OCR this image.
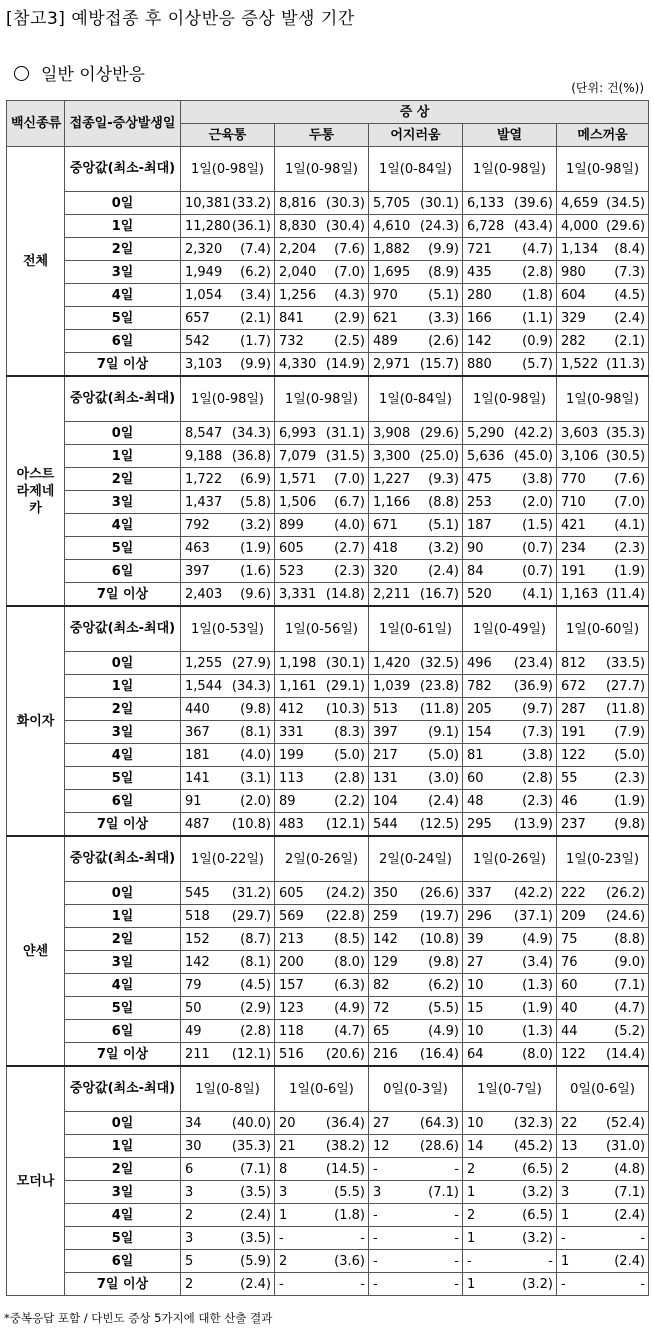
[참고3] 예방접종 후 이상반응 증상 발생 기간
일반 이상반응
(단위: 건(%))
백신종류	접종일-증상발생일	증 상				
		근육통	두통	어지러움	발열	메스꺼움
전체	중앙값(최소-최대)	1일(0-98일)	1일(0-98일)	1일(0-84일)	1일(0-98일)	1일(0-98일)
	0일	10,381 (33.2)	8,816 (30.3)	5,705 (30.1)	6,133 (39.6)	4,659 (34.5)

	1일	11,280 (36.1)	8,830 (30.4)	4,610 (24.3)	6,728 (43.4)	4,000 (29.6)

	2일	2,320 (7.4)	2,204 (7.6)	1,882 (9.9)	721 (4.7)	1,134 (8.4)

	3일	1,949 (6.2)	2,040 (7.0)	1,695 (8.9)	435 (2.8)	980 (7.3)

	4일	1,054 (3.4)	1,256 (4.3)	970 (5.1)	280 (1.8)	604 (4.5)

	5일	657 (2.1)	841 (2.9)	621 (3.3)	166 (1.1)	329 (2.4)

	6일	542 (1.7)	732 (2.5)	489 (2.6)	142 (0.9)	282 (2.1)

	7일 이상	3,103 (9.9)	4,330 (14.9)	2,971 (15.7)	880 (5.7)	1,522 (11.3)

아스트라제네카	중앙값(최소-최대)	1일(0-98일)	1일(0-98일)	1일(0-84일)	1일(0-98일)	1일(0-98일)
	0일	8,547 (34.3)	6,993 (31.1)	3,908 (29.6)	5,290 (42.2)	3,603 (35.3)

	1일	9,188 (36.8)	7,079 (31.5)	3,300 (25.0)	5,636 (45.0)	3,106 (30.5)

	2일	1,722 (6.9)	1,571 (7.0)	1,227 (9.3)	475 (3.8)	770 (7.6)

	3일	1,437 (5.8)	1,506 (6.7)	1,166 (8.8)	253 (2.0)	710 (7.0)

	4일	792 (3.2)	899 (4.0)	671 (5.1)	187 (1.5)	421 (4.1)

	5일	463 (1.9)	605 (2.7)	418 (3.2)	90 (0.7)	234 (2.3)

	6일	397 (1.6)	523 (2.3)	320 (2.4)	84 (0.7)	191 (1.9)

	7일 이상	2,403 (9.6)	3,331 (14.8)	2,211 (16.7)	520 (4.1)	1,163 (11.4)

화이자	중앙값(최소-최대)	1일(0-53일)	1일(0-56일)	1일(0-61일)	1일(0-49일)	1일(0-60일)
	0일	1,255 (27.9)	1,198 (30.1)	1,420 (32.5)	496 (23.4)	812 (33.5)

	1일	1,544 (34.3)	1,161 (29.1)	1,039 (23.8)	782 (36.9)	672 (27.7)

	2일	440 (9.8)	412 (10.3)	513 (11.8)	205 (9.7)	287 (11.8)

	3일	367 (8.1)	331 (8.3)	397 (9.1)	154 (7.3)	191 (7.9)

	4일	181 (4.0)	199 (5.0)	217 (5.0)	81 (3.8)	122 (5.0)

	5일	141 (3.1)	113 (2.8)	131 (3.0)	60 (2.8)	55 (2.3)

	6일	91 (2.0)	89 (2.2)	104 (2.4)	48 (2.3)	46 (1.9)

	7일 이상	487 (10.8)	483 (12.1)	544 (12.5)	295 (13.9)	237 (9.8)

얀센	중앙값(최소-최대)	1일(0-22일)	2일(0-26일)	2일(0-24일)	1일(0-26일)	1일(0-23일)
	0일	545 (31.2)	605 (24.2)	350 (26.6)	337 (42.2)	222 (26.2)

	1일	518 (29.7)	569 (22.8)	259 (19.7)	296 (37.1)	209 (24.6)

	2일	152 (8.7)	213 (8.5)	142 (10.8)	39 (4.9)	75 (8.8)

	3일	142 (8.1)	200 (8.0)	129 (9.8)	27 (3.4)	76 (9.0)

	4일	79 (4.5)	157 (6.3)	82 (6.2)	10 (1.3)	60 (7.1)

	5일	50 (2.9)	123 (4.9)	72 (5.5)	15 (1.9)	40 (4.7)

	6일	49 (2.8)	118 (4.7)	65 (4.9)	10 (1.3)	44 (5.2)

	7일 이상	211 (12.1)	516 (20.6)	216 (16.4)	64 (8.0)	122 (14.4)

모더나	중앙값(최소-최대)	1일(0-8일)	1일(0-6일)	0일(0-3일)	1일(0-7일)	0일(0-6일)
	0일	34 (40.0)	20 (36.4)	27 (64.3)	10 (32.3)	22 (52.4)

	1일	30 (35.3)	21 (38.2)	12 (28.6)	14 (45.2)	13 (31.0)

	2일	6 (7.1)	8 (14.5)	- -	2 (6.5)	2 (4.8)

	3일	3 (3.5)	3 (5.5)	3 (7.1)	1 (3.2)	3 (7.1)

	4일	2 (2.4)	1 (1.8)	- -	2 (6.5)	1 (2.4)

	5일	3 (3.5)	- -	- -	1 (3.2)	- -

	6일	5 (5.9)	2 (3.6)	- -	- -	1 (2.4)

	7일 이상	2 (2.4)	- -	- -	1 (3.2)	- -
*중복응답 포함 / 다빈도 증상 5가지에 대한 산출 결과
